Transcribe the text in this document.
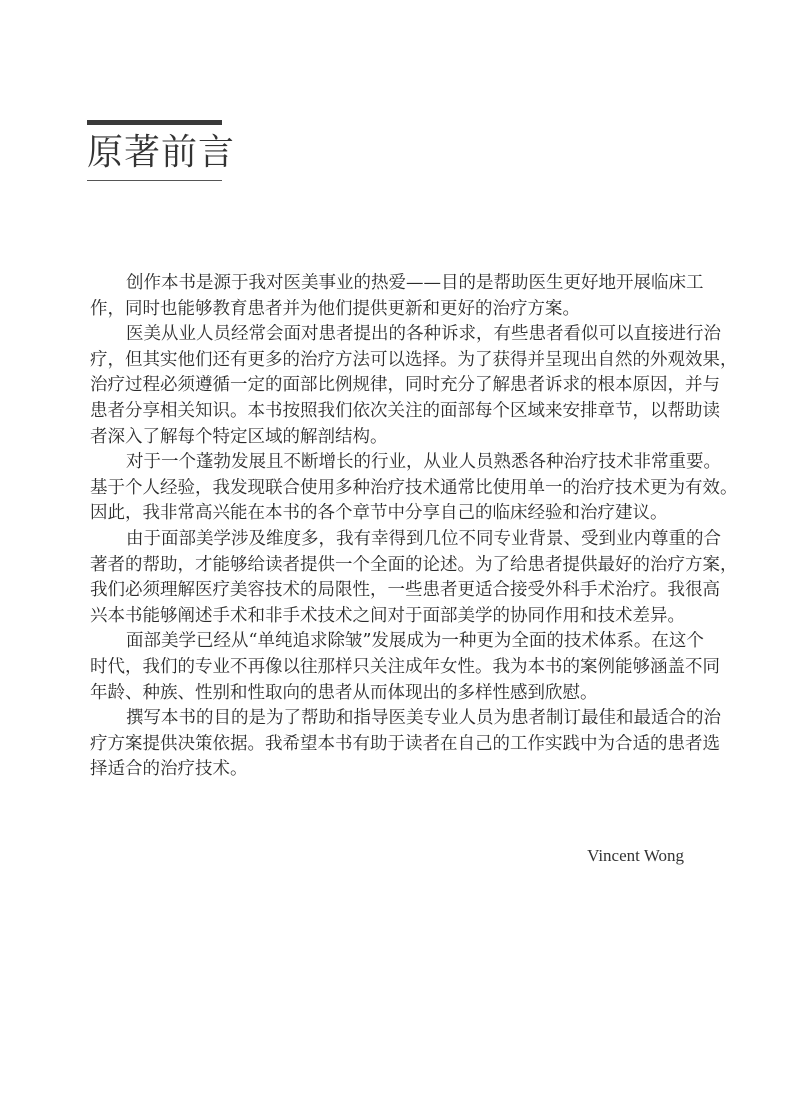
原著前言
创作本书是源于我对医美事业的热爱——目的是帮助医生更好地开展临床工
作，同时也能够教育患者并为他们提供更新和更好的治疗方案。
医美从业人员经常会面对患者提出的各种诉求，有些患者看似可以直接进行治
疗，但其实他们还有更多的治疗方法可以选择。为了获得并呈现出自然的外观效果，
治疗过程必须遵循一定的面部比例规律，同时充分了解患者诉求的根本原因，并与
患者分享相关知识。本书按照我们依次关注的面部每个区域来安排章节，以帮助读
者深入了解每个特定区域的解剖结构。
对于一个蓬勃发展且不断增长的行业，从业人员熟悉各种治疗技术非常重要。
基于个人经验，我发现联合使用多种治疗技术通常比使用单一的治疗技术更为有效。
因此，我非常高兴能在本书的各个章节中分享自己的临床经验和治疗建议。
由于面部美学涉及维度多，我有幸得到几位不同专业背景、受到业内尊重的合
著者的帮助，才能够给读者提供一个全面的论述。为了给患者提供最好的治疗方案，
我们必须理解医疗美容技术的局限性，一些患者更适合接受外科手术治疗。我很高
兴本书能够阐述手术和非手术技术之间对于面部美学的协同作用和技术差异。
面部美学已经从“单纯追求除皱”发展成为一种更为全面的技术体系。在这个
时代，我们的专业不再像以往那样只关注成年女性。我为本书的案例能够涵盖不同
年龄、种族、性别和性取向的患者从而体现出的多样性感到欣慰。
撰写本书的目的是为了帮助和指导医美专业人员为患者制订最佳和最适合的治
疗方案提供决策依据。我希望本书有助于读者在自己的工作实践中为合适的患者选
择适合的治疗技术。
Vincent Wong
